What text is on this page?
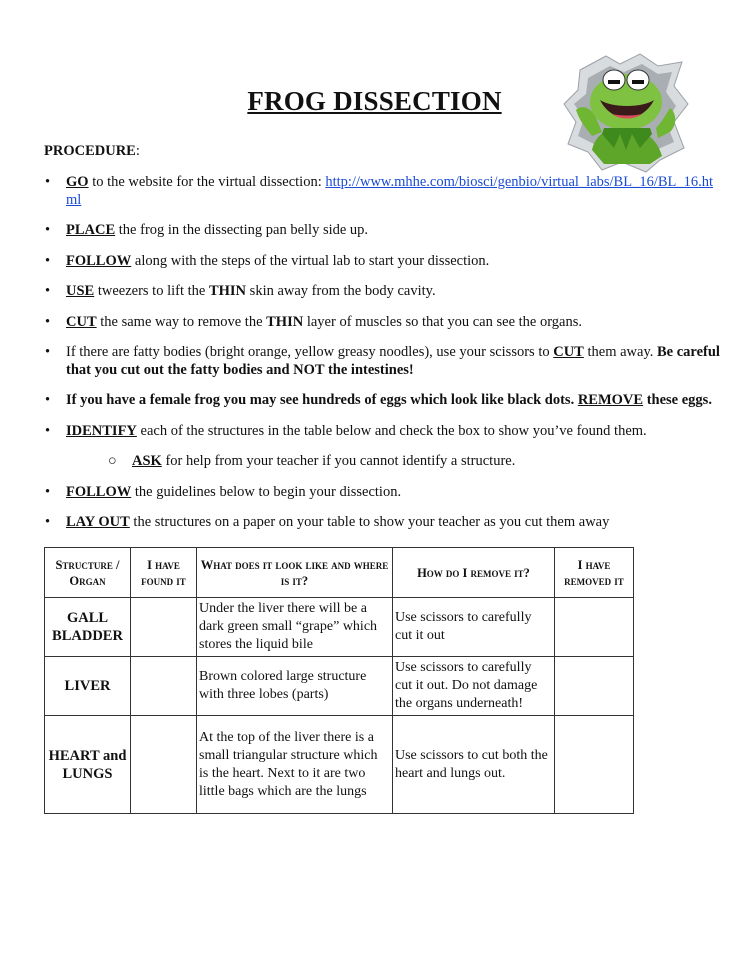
FROG DISSECTION
PROCEDURE:
• GO to the website for the virtual dissection: http://www.mhhe.com/biosci/genbio/virtual_labs/BL_16/BL_16.html
• PLACE the frog in the dissecting pan belly side up.
• FOLLOW along with the steps of the virtual lab to start your dissection.
• USE tweezers to lift the THIN skin away from the body cavity.
• CUT the same way to remove the THIN layer of muscles so that you can see the organs.
• If there are fatty bodies (bright orange, yellow greasy noodles), use your scissors to CUT them away. Be careful that you cut out the fatty bodies and NOT the intestines!
• If you have a female frog you may see hundreds of eggs which look like black dots. REMOVE these eggs.
• IDENTIFY each of the structures in the table below and check the box to show you’ve found them.
○ ASK for help from your teacher if you cannot identify a structure.
• FOLLOW the guidelines below to begin your dissection.
• LAY OUT the structures on a paper on your table to show your teacher as you cut them away
Structure / Organ	I have found it	What does it look like and where is it?	How do I remove it?	I have removed it
GALL BLADDER		Under the liver there will be a dark green small “grape” which stores the liquid bile	Use scissors to carefully cut it out	
LIVER		Brown colored large structure with three lobes (parts)	Use scissors to carefully cut it out. Do not damage the organs underneath!	
HEART and LUNGS		At the top of the liver there is a small triangular structure which is the heart. Next to it are two little bags which are the lungs	Use scissors to cut both the heart and lungs out.	
